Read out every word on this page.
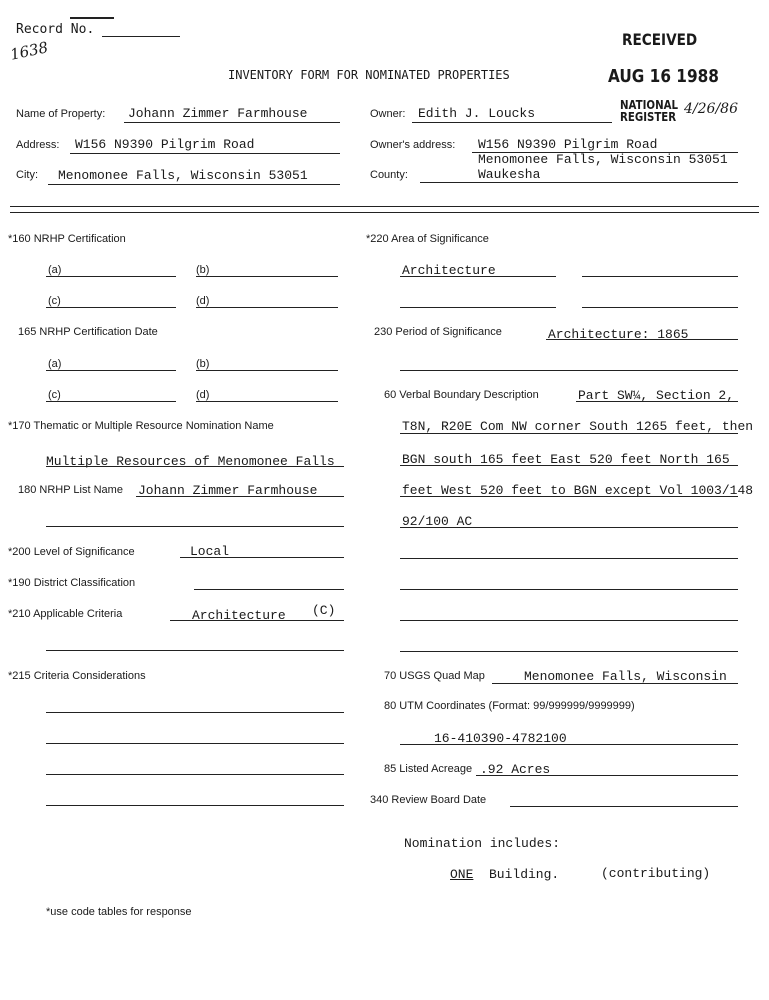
Record No.
1638	RECEIVED
AUG 16 1988
INVENTORY FORM FOR NOMINATED PROPERTIES
Name of Property: Johann Zimmer Farmhouse
Address: W156 N9390 Pilgrim Road
City: Menomonee Falls, Wisconsin 53051
Owner: Edith J. Loucks
NATIONAL
REGISTER 4/26/86
Owner's address: W156 N9390 Pilgrim Road
Menomonee Falls, Wisconsin 53051
County:	Waukesha
*160 NRHP Certification
(a)	(b)
(c)	(d)
165 NRHP Certification Date
(a)	(b)
(c)	(d)
*170 Thematic or Multiple Resource Nomination Name
Multiple Resources of Menomonee Falls
180 NRHP List Name Johann Zimmer Farmhouse
*200 Level of Significance	Local
*190 District Classification
*210 Applicable Criteria	Architecture (C)
*215 Criteria Considerations
*220 Area of Significance
Architecture
230 Period of Significance	Architecture: 1865
60 Verbal Boundary Description	Part SW¼, Section 2,
T8N, R20E Com NW corner South 1265 feet, then
BGN south 165 feet East 520 feet North 165
feet West 520 feet to BGN except Vol 1003/148
92/100 AC
70 USGS Quad Map	Menomonee Falls, Wisconsin
80 UTM Coordinates (Format: 99/999999/9999999)
16-410390-4782100
85 Listed Acreage .92 Acres
340 Review Board Date
Nomination includes:
ONE Building.	(contributing)
*use code tables for response
